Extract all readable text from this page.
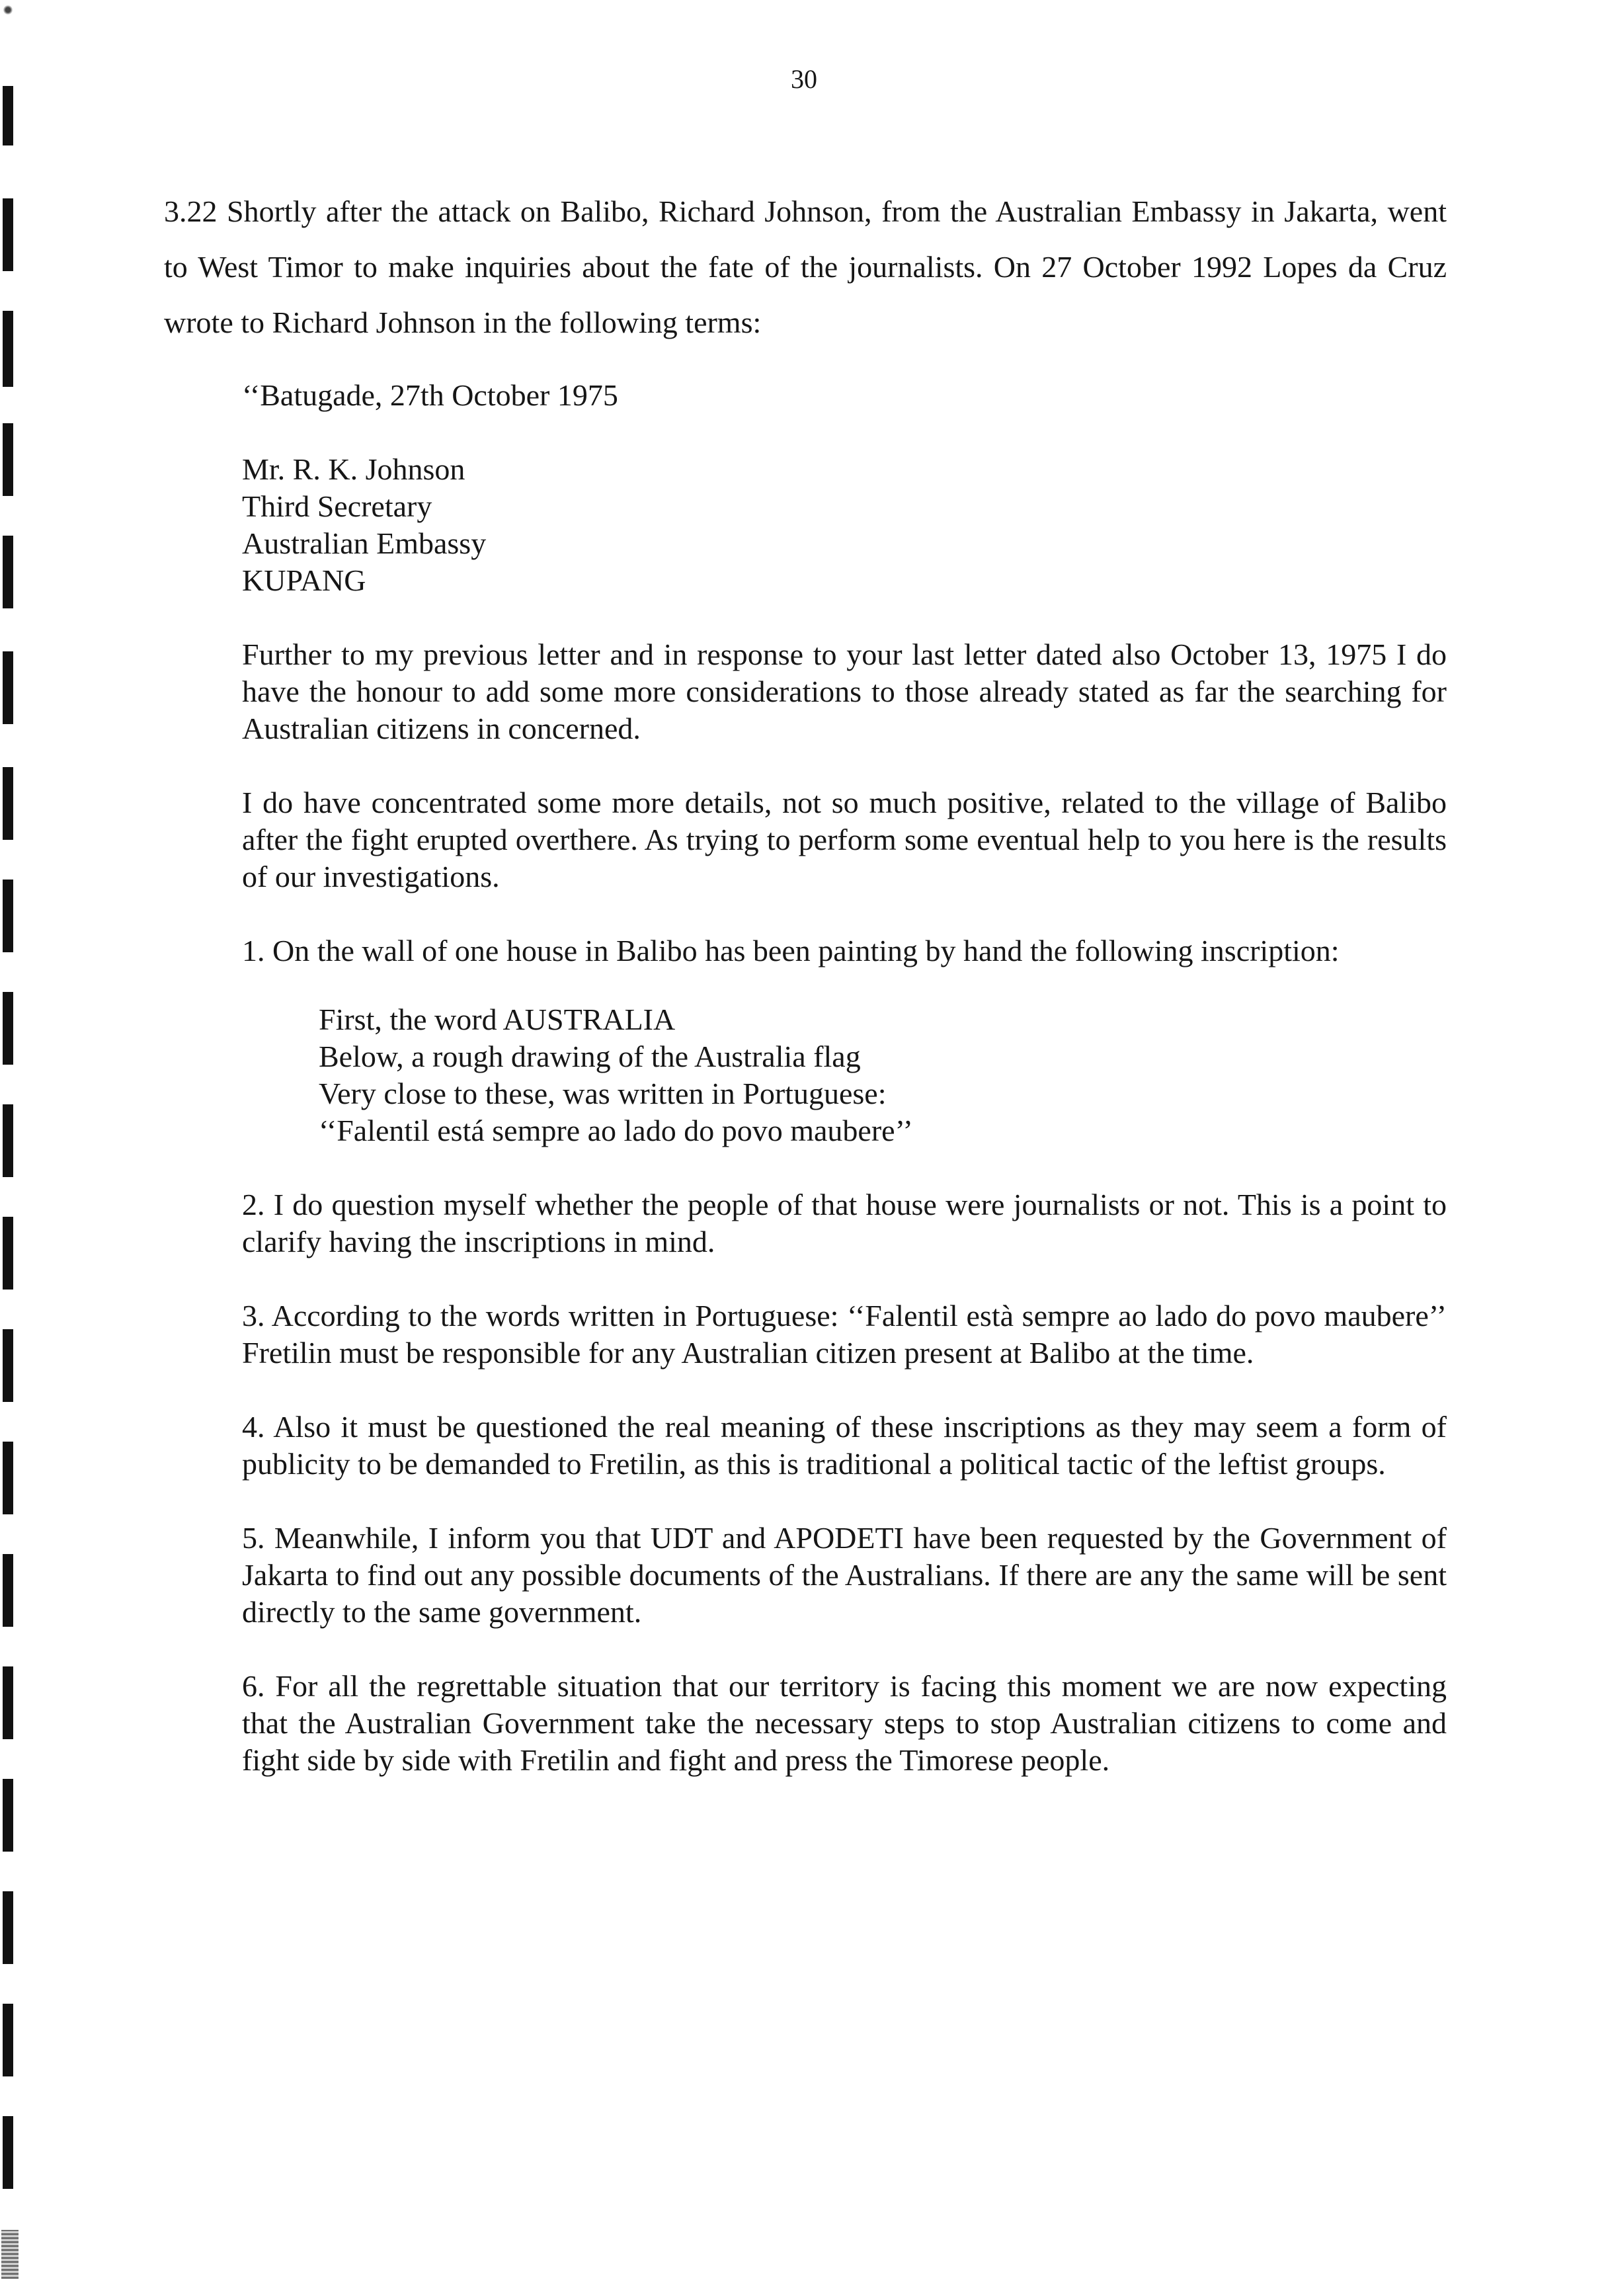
30

3.22 Shortly after the attack on Balibo, Richard Johnson, from the Australian Embassy in Jakarta, went to West Timor to make inquiries about the fate of the journalists. On 27 October 1992 Lopes da Cruz wrote to Richard Johnson in the following terms:

‘‘Batugade, 27th October 1975

Mr. R. K. Johnson
Third Secretary
Australian Embassy
KUPANG

Further to my previous letter and in response to your last letter dated also October 13, 1975 I do have the honour to add some more considerations to those already stated as far the searching for Australian citizens in concerned.

I do have concentrated some more details, not so much positive, related to the village of Balibo after the fight erupted overthere. As trying to perform some eventual help to you here is the results of our investigations.

1. On the wall of one house in Balibo has been painting by hand the following inscription:

First, the word AUSTRALIA
Below, a rough drawing of the Australia flag
Very close to these, was written in Portuguese:
‘‘Falentil está sempre ao lado do povo maubere’’
2. I do question myself whether the people of that house were journalists or not. This is a point to clarify having the inscriptions in mind.
3. According to the words written in Portuguese: ‘‘Falentil està sempre ao lado do povo maubere’’ Fretilin must be responsible for any Australian citizen present at Balibo at the time.
4. Also it must be questioned the real meaning of these inscriptions as they may seem a form of publicity to be demanded to Fretilin, as this is traditional a political tactic of the leftist groups.
5. Meanwhile, I inform you that UDT and APODETI have been requested by the Government of Jakarta to find out any possible documents of the Australians. If there are any the same will be sent directly to the same government.
6. For all the regrettable situation that our territory is facing this moment we are now expecting that the Australian Government take the necessary steps to stop Australian citizens to come and fight side by side with Fretilin and fight and press the Timorese people.
